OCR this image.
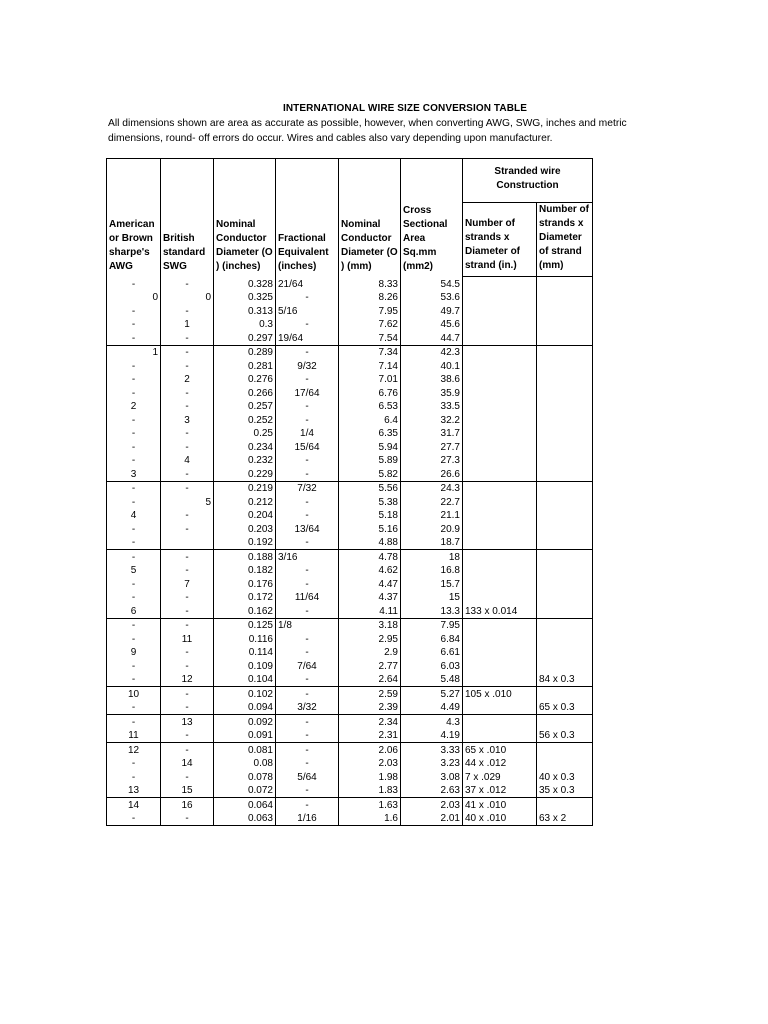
INTERNATIONAL WIRE SIZE CONVERSION TABLE
All dimensions shown are area as accurate as possible, however, when converting AWG, SWG, inches and metric dimensions, round- off errors do occur. Wires and cables also vary depending upon manufacturer.
American or Brown sharpe's AWG	British standard SWG	Nominal Conductor Diameter (O ) (inches)	Fractional Equivalent (inches)	Nominal Conductor Diameter (O ) (mm)	Cross Sectional Area Sq.mm (mm2)	Stranded wire Construction	
						Number of strands x Diameter of strand (in.)	Number of strands x Diameter of strand (mm)
-	-	0.328	21/64	8.33	54.5		
0	0	0.325	-	8.26	53.6		
-	-	0.313	5/16	7.95	49.7		
-	1	0.3	-	7.62	45.6		
-	-	0.297	19/64	7.54	44.7		
1	-	0.289	-	7.34	42.3		
-	-	0.281	9/32	7.14	40.1		
-	2	0.276	-	7.01	38.6		
-	-	0.266	17/64	6.76	35.9		
2	-	0.257	-	6.53	33.5		
-	3	0.252	-	6.4	32.2		
-	-	0.25	1/4	6.35	31.7		
-	-	0.234	15/64	5.94	27.7		
-	4	0.232	-	5.89	27.3		
3	-	0.229	-	5.82	26.6		
-	-	0.219	7/32	5.56	24.3		
-	5	0.212	-	5.38	22.7		
4	-	0.204	-	5.18	21.1		
-	-	0.203	13/64	5.16	20.9		
-		0.192	-	4.88	18.7		
-	-	0.188	3/16	4.78	18		
5	-	0.182	-	4.62	16.8		
-	7	0.176	-	4.47	15.7		
-	-	0.172	11/64	4.37	15		
6	-	0.162	-	4.11	13.3	133 x 0.014	
-	-	0.125	1/8	3.18	7.95		
-	11	0.116	-	2.95	6.84		
9	-	0.114	-	2.9	6.61		
-	-	0.109	7/64	2.77	6.03		
-	12	0.104	-	2.64	5.48		84 x 0.3
10	-	0.102	-	2.59	5.27	105 x .010	
-	-	0.094	3/32	2.39	4.49		65 x 0.3
-	13	0.092	-	2.34	4.3		
11	-	0.091	-	2.31	4.19		56 x 0.3
12	-	0.081	-	2.06	3.33	65 x .010	
-	14	0.08	-	2.03	3.23	44 x .012	
-	-	0.078	5/64	1.98	3.08	7 x .029	40 x 0.3
13	15	0.072	-	1.83	2.63	37 x .012	35 x 0.3
14	16	0.064	-	1.63	2.03	41 x .010	
-	-	0.063	1/16	1.6	2.01	40 x .010	63 x 2
